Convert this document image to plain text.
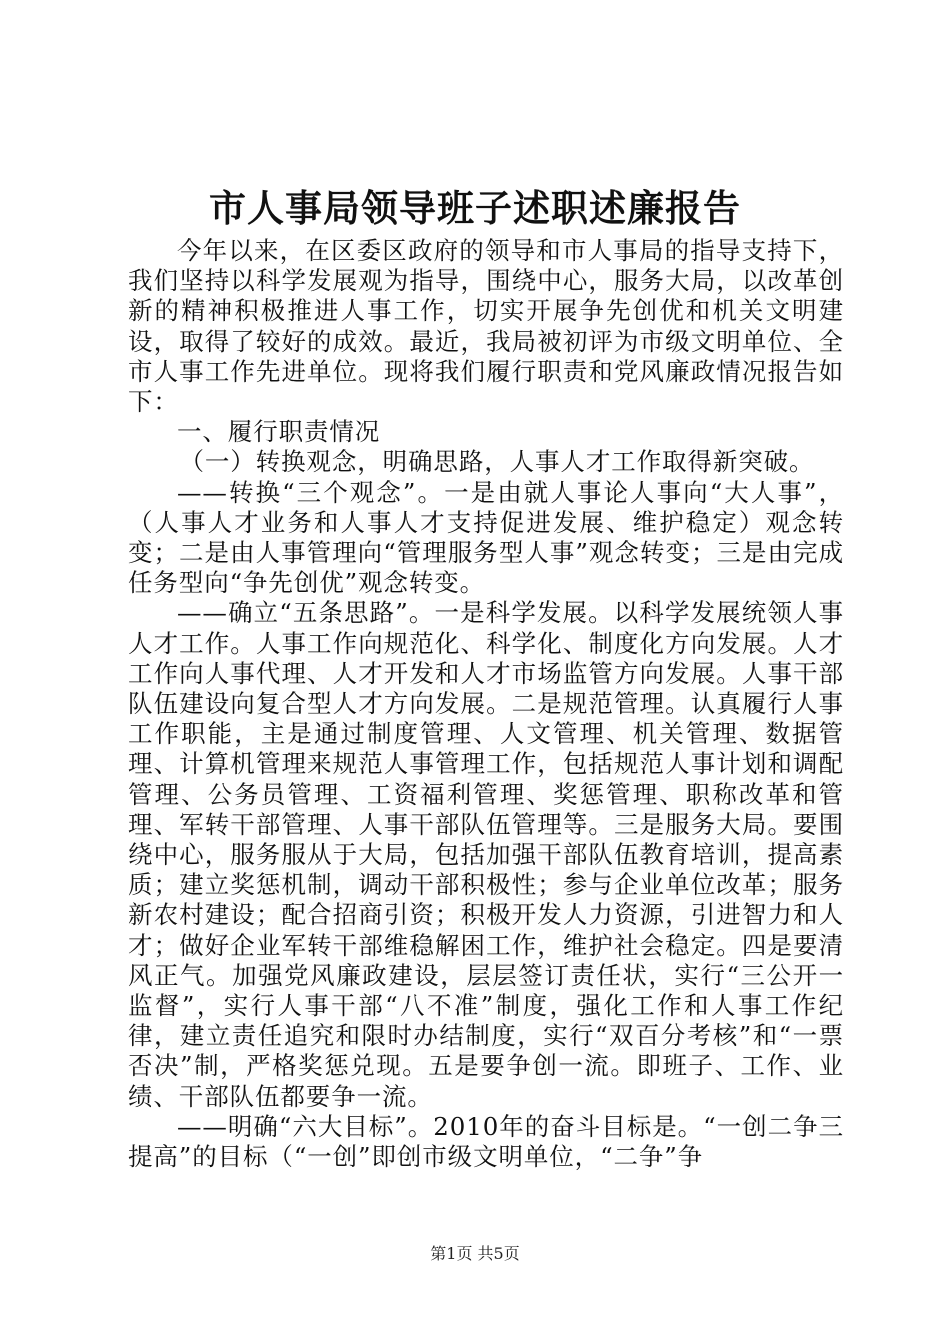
市人事局领导班子述职述廉报告

今年以来，在区委区政府的领导和市人事局的指导支持下，我们坚持以科学发展观为指导，围绕中心，服务大局，以改革创新的精神积极推进人事工作，切实开展争先创优和机关文明建设，取得了较好的成效。最近，我局被初评为市级文明单位、全市人事工作先进单位。现将我们履行职责和党风廉政情况报告如下：

一、履行职责情况

（一）转换观念，明确思路，人事人才工作取得新突破。

——转换“三个观念”。一是由就人事论人事向“大人事”，（人事人才业务和人事人才支持促进发展、维护稳定）观念转变；二是由人事管理向“管理服务型人事”观念转变；三是由完成任务型向“争先创优”观念转变。

——确立“五条思路”。一是科学发展。以科学发展统领人事人才工作。人事工作向规范化、科学化、制度化方向发展。人才工作向人事代理、人才开发和人才市场监管方向发展。人事干部队伍建设向复合型人才方向发展。二是规范管理。认真履行人事工作职能，主是通过制度管理、人文管理、机关管理、数据管理、计算机管理来规范人事管理工作，包括规范人事计划和调配管理、公务员管理、工资福利管理、奖惩管理、职称改革和管理、军转干部管理、人事干部队伍管理等。三是服务大局。要围绕中心，服务服从于大局，包括加强干部队伍教育培训，提高素质；建立奖惩机制，调动干部积极性；参与企业单位改革；服务新农村建设；配合招商引资；积极开发人力资源，引进智力和人才；做好企业军转干部维稳解困工作，维护社会稳定。四是要清风正气。加强党风廉政建设，层层签订责任状，实行“三公开一监督”，实行人事干部“八不准”制度，强化工作和人事工作纪律，建立责任追究和限时办结制度，实行“双百分考核”和“一票否决”制，严格奖惩兑现。五是要争创一流。即班子、工作、业绩、干部队伍都要争一流。

——明确“六大目标”。2010年的奋斗目标是。“一创二争三提高”的目标（“一创”即创市级文明单位，“二争”争

第1页 共5页
